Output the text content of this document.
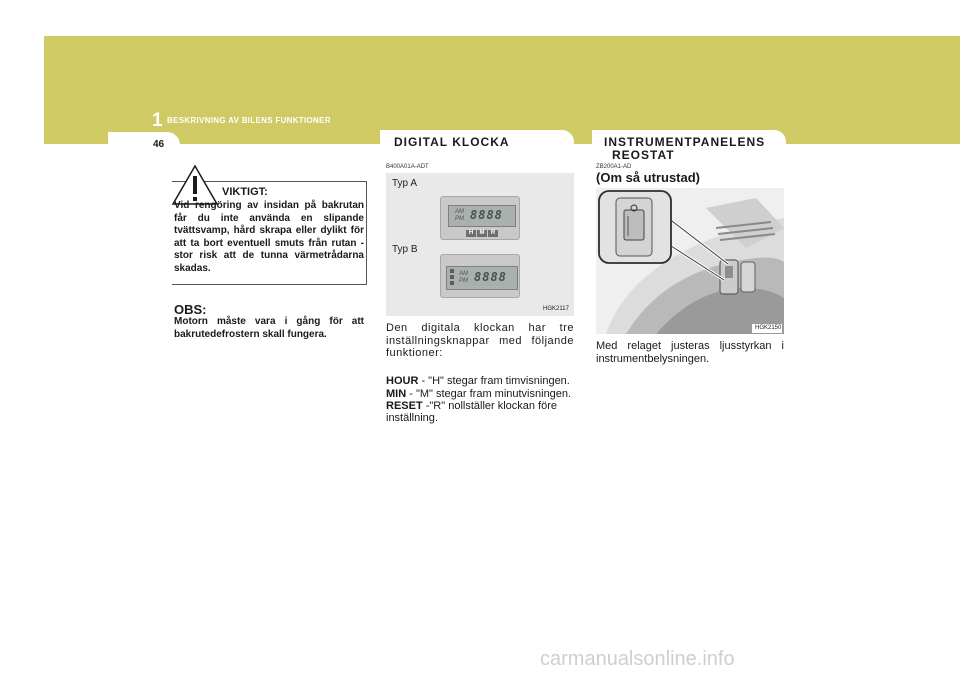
1 BESKRIVNING AV BILENS FUNKTIONER
46	DIGITAL KLOCKA	INSTRUMENTPANELENS
REOSTAT
VIKTIGT:
Vid rengöring av insidan på bakrutan får du inte använda en slipande tvättsvamp, hård skrapa eller dylikt för att ta bort eventuell smuts från rutan - stor risk att de tunna värmetrådarna skadas.
OBS:
Motorn måste vara i gång för att bakrutedefrostern skall fungera.
B400A01A-ADT
Typ A
Typ B
AM
PM 8888
H	M	R
AM
PM 8888
HGK2117
Den digitala klockan har tre inställningsknappar med följande funktioner:
HOUR - "H" stegar fram timvisningen.
MIN - "M" stegar fram minutvisningen.
RESET -"R" nollställer klockan före
inställning.
ZB200A1-AD
(Om så utrustad)
HGK2150
Med relaget justeras ljusstyrkan i instrumentbelysningen.
carmanualsonline.info
